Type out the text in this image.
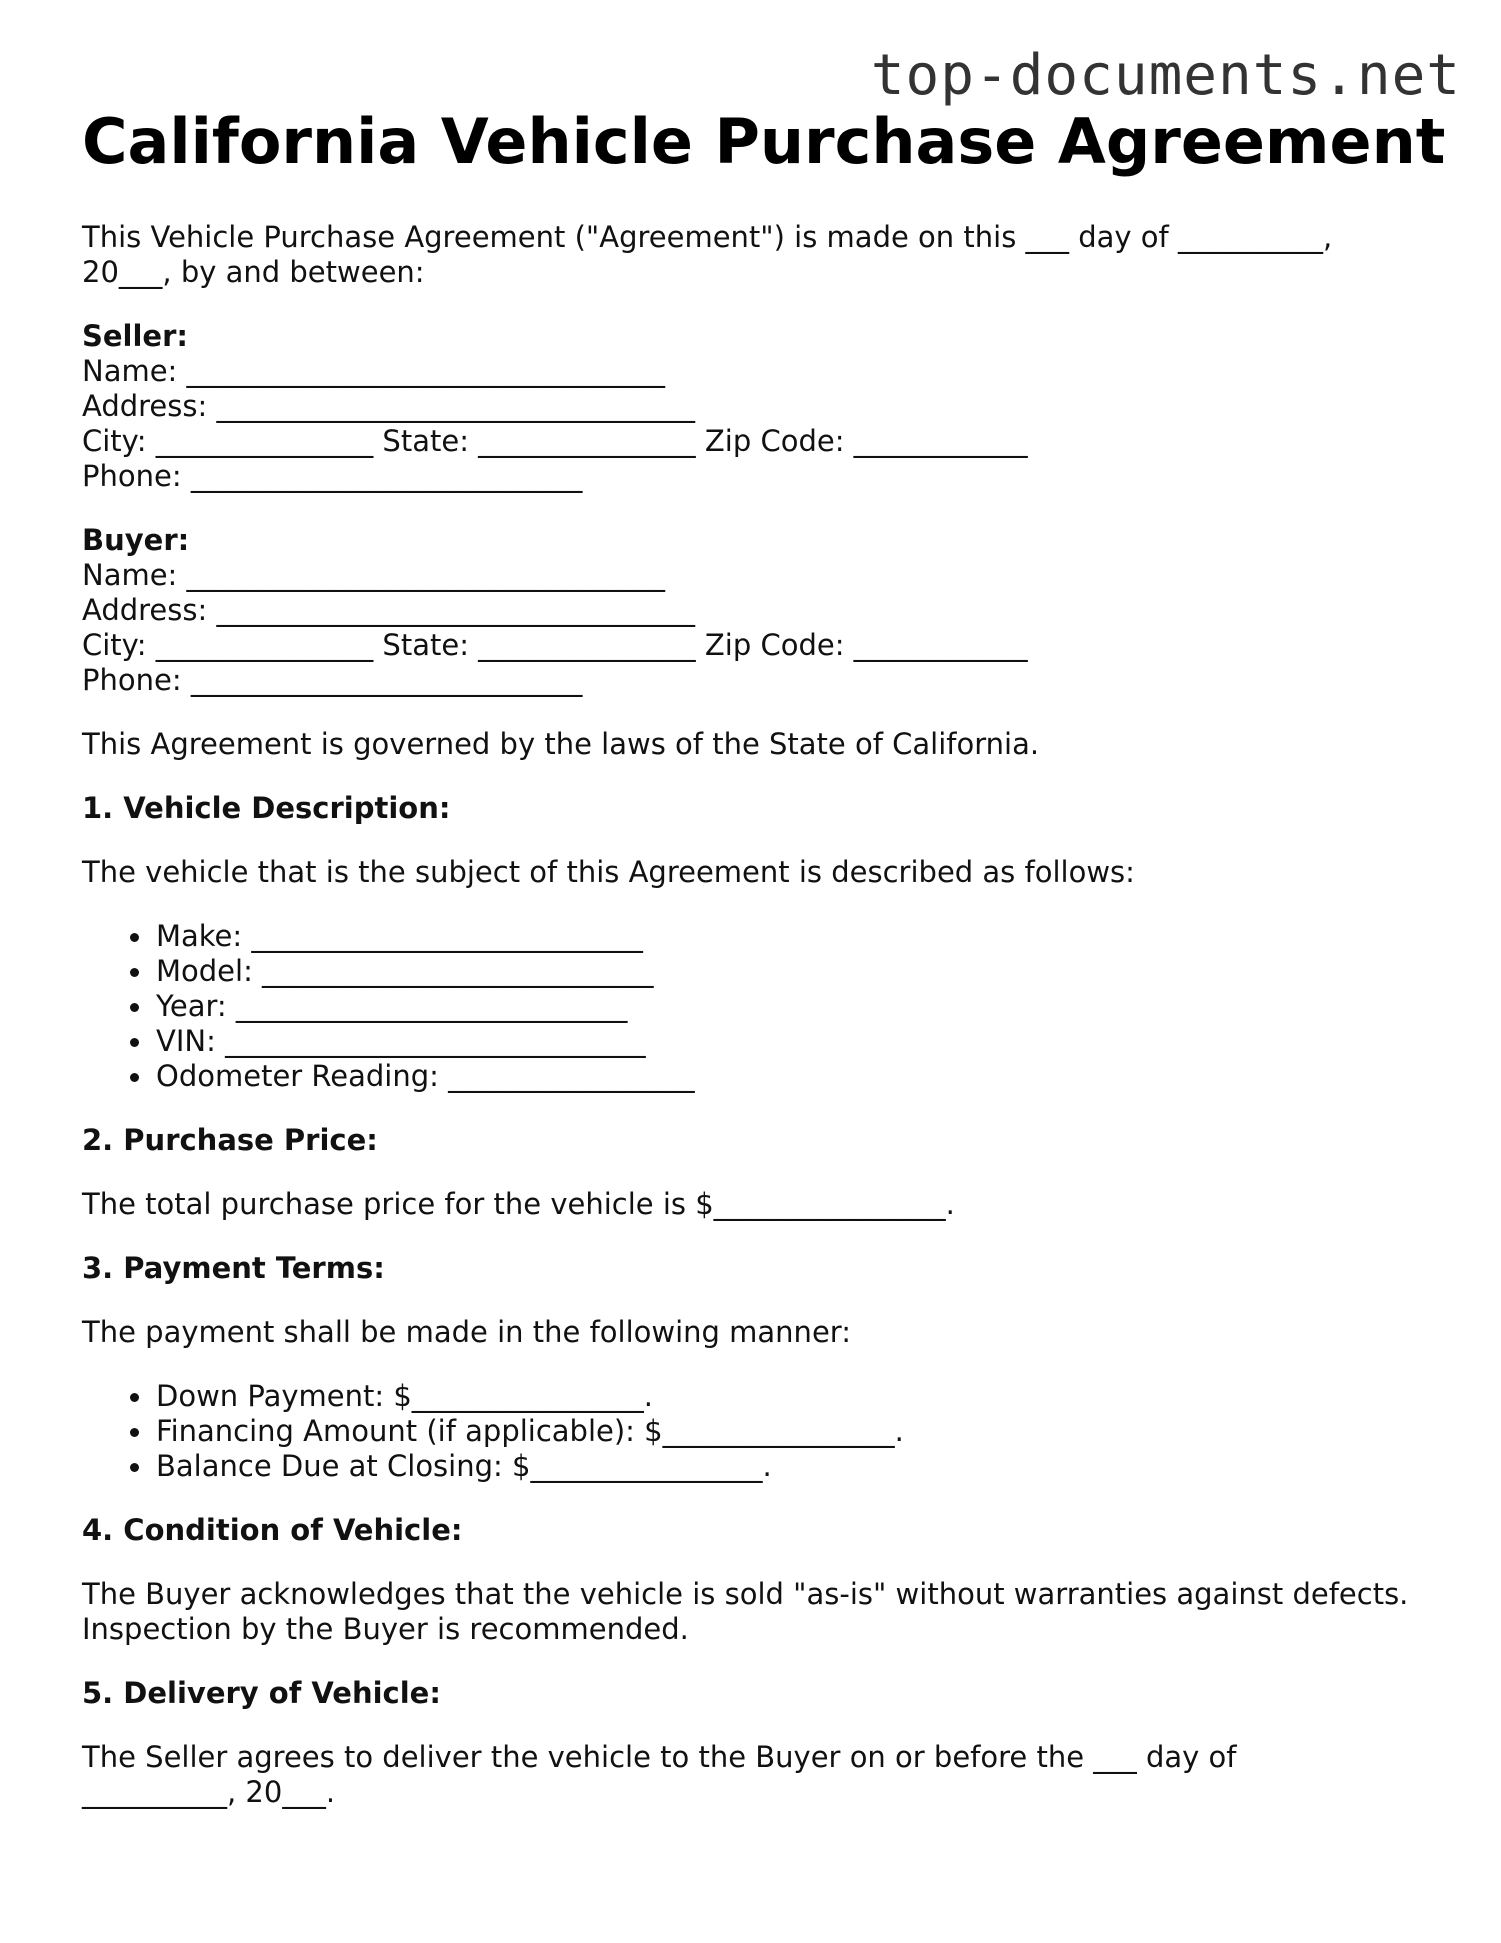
top-documents.net
California Vehicle Purchase Agreement

This Vehicle Purchase Agreement ("Agreement") is made on this ___ day of __________,

20___, by and between:

Seller:

Name: _________________________________

Address: _________________________________

City: _______________ State: _______________ Zip Code: ____________

Phone: ___________________________

Buyer:

Name: _________________________________

Address: _________________________________

City: _______________ State: _______________ Zip Code: ____________

Phone: ___________________________

This Agreement is governed by the laws of the State of California.

1. Vehicle Description:

The vehicle that is the subject of this Agreement is described as follows:

Make: ___________________________
Model: ___________________________
Year: ___________________________
VIN: _____________________________
Odometer Reading: _________________

2. Purchase Price:

The total purchase price for the vehicle is $________________.

3. Payment Terms:

The payment shall be made in the following manner:

Down Payment: $________________.
Financing Amount (if applicable): $________________.
Balance Due at Closing: $________________.

4. Condition of Vehicle:

The Buyer acknowledges that the vehicle is sold "as-is" without warranties against defects.

Inspection by the Buyer is recommended.

5. Delivery of Vehicle:

The Seller agrees to deliver the vehicle to the Buyer on or before the ___ day of

__________, 20___.
